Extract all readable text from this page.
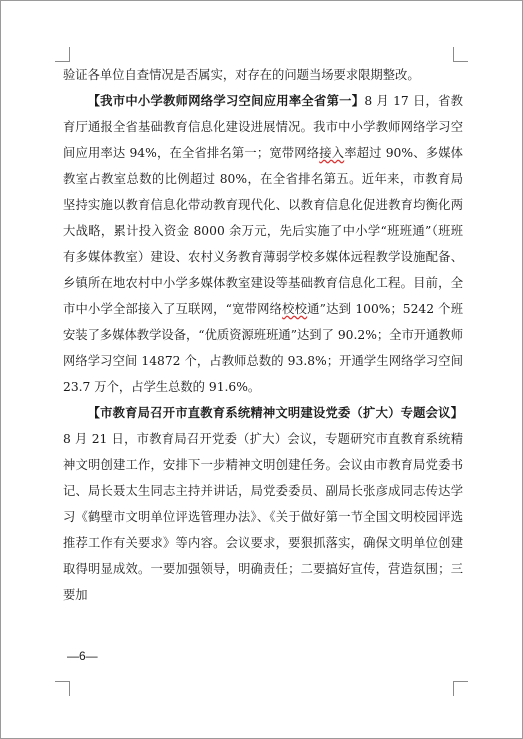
验证各单位自查情况是否属实，对存在的问题当场要求限期整改。

【我市中小学教师网络学习空间应用率全省第一】8 月 17 日，省教育厅通报全省基础教育信息化建设进展情况。我市中小学教师网络学习空间应用率达 94%，在全省排名第一；宽带网络接入率超过 90%、多媒体教室占教室总数的比例超过 80%，在全省排名第五。近年来，市教育局坚持实施以教育信息化带动教育现代化、以教育信息化促进教育均衡化两大战略，累计投入资金 8000 余万元，先后实施了中小学“班班通”（班班有多媒体教室）建设、农村义务教育薄弱学校多媒体远程教学设施配备、乡镇所在地农村中小学多媒体教室建设等基础教育信息化工程。目前，全市中小学全部接入了互联网，“宽带网络校校通”达到 100%；5242 个班安装了多媒体教学设备，“优质资源班班通”达到了 90.2%；全市开通教师网络学习空间 14872 个，占教师总数的 93.8%；开通学生网络学习空间 23.7 万个，占学生总数的 91.6%。

【市教育局召开市直教育系统精神文明建设党委（扩大）专题会议】8 月 21 日，市教育局召开党委（扩大）会议，专题研究市直教育系统精神文明创建工作，安排下一步精神文明创建任务。会议由市教育局党委书记、局长聂太生同志主持并讲话，局党委委员、副局长张彦成同志传达学习《鹤壁市文明单位评选管理办法》、《关于做好第一节全国文明校园评选推荐工作有关要求》等内容。会议要求，要狠抓落实，确保文明单位创建取得明显成效。一要加强领导，明确责任；二要搞好宣传，营造氛围；三要加

—6—
